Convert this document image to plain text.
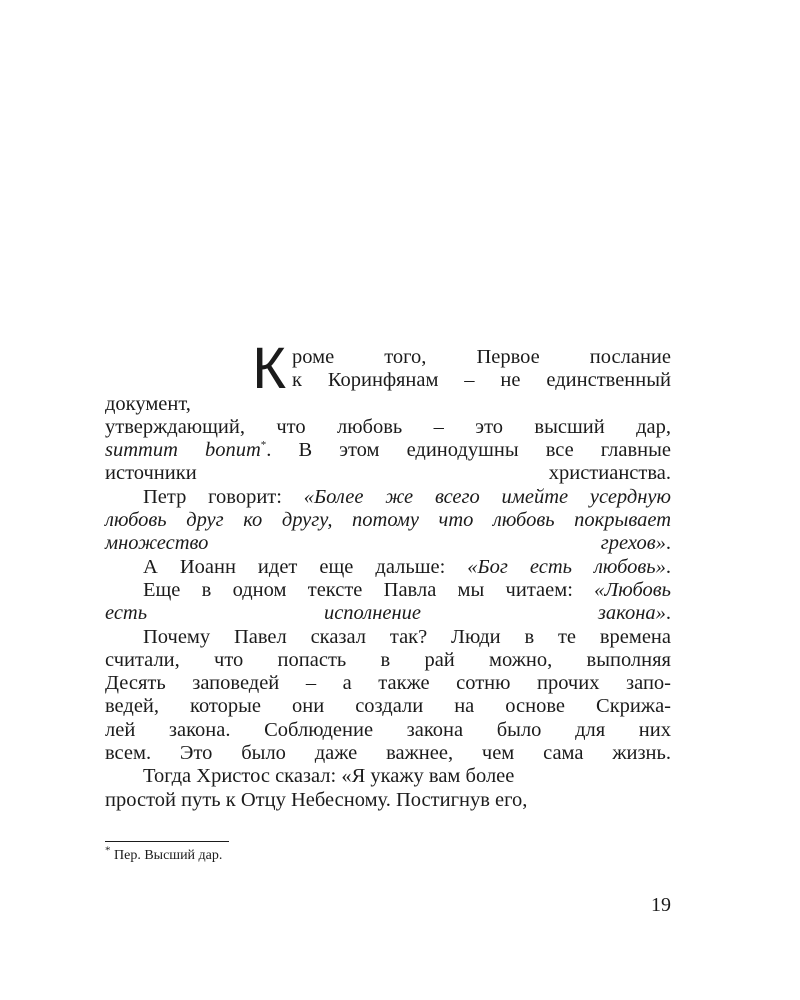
К роме того, Первое послание
к Коринфянам – не единственный документ,
утверждающий, что любовь – это высший дар,
summum bonum*. В этом единодушны все главные
источники христианства.

Петр говорит: «Более же всего имейте усердную
любовь друг ко другу, потому что любовь покрывает
множество грехов».

А Иоанн идет еще дальше: «Бог есть любовь».

Еще в одном тексте Павла мы читаем: «Любовь
есть исполнение закона».

Почему Павел сказал так? Люди в те времена
считали, что попасть в рай можно, выполняя
Десять заповедей – а также сотню прочих запо-
ведей, которые они создали на основе Скрижа-
лей закона. Соблюдение закона было для них
всем. Это было даже важнее, чем сама жизнь.

Тогда Христос сказал: «Я укажу вам более
простой путь к Отцу Небесному. Постигнув его,

* Пер. Высший дар.
19
